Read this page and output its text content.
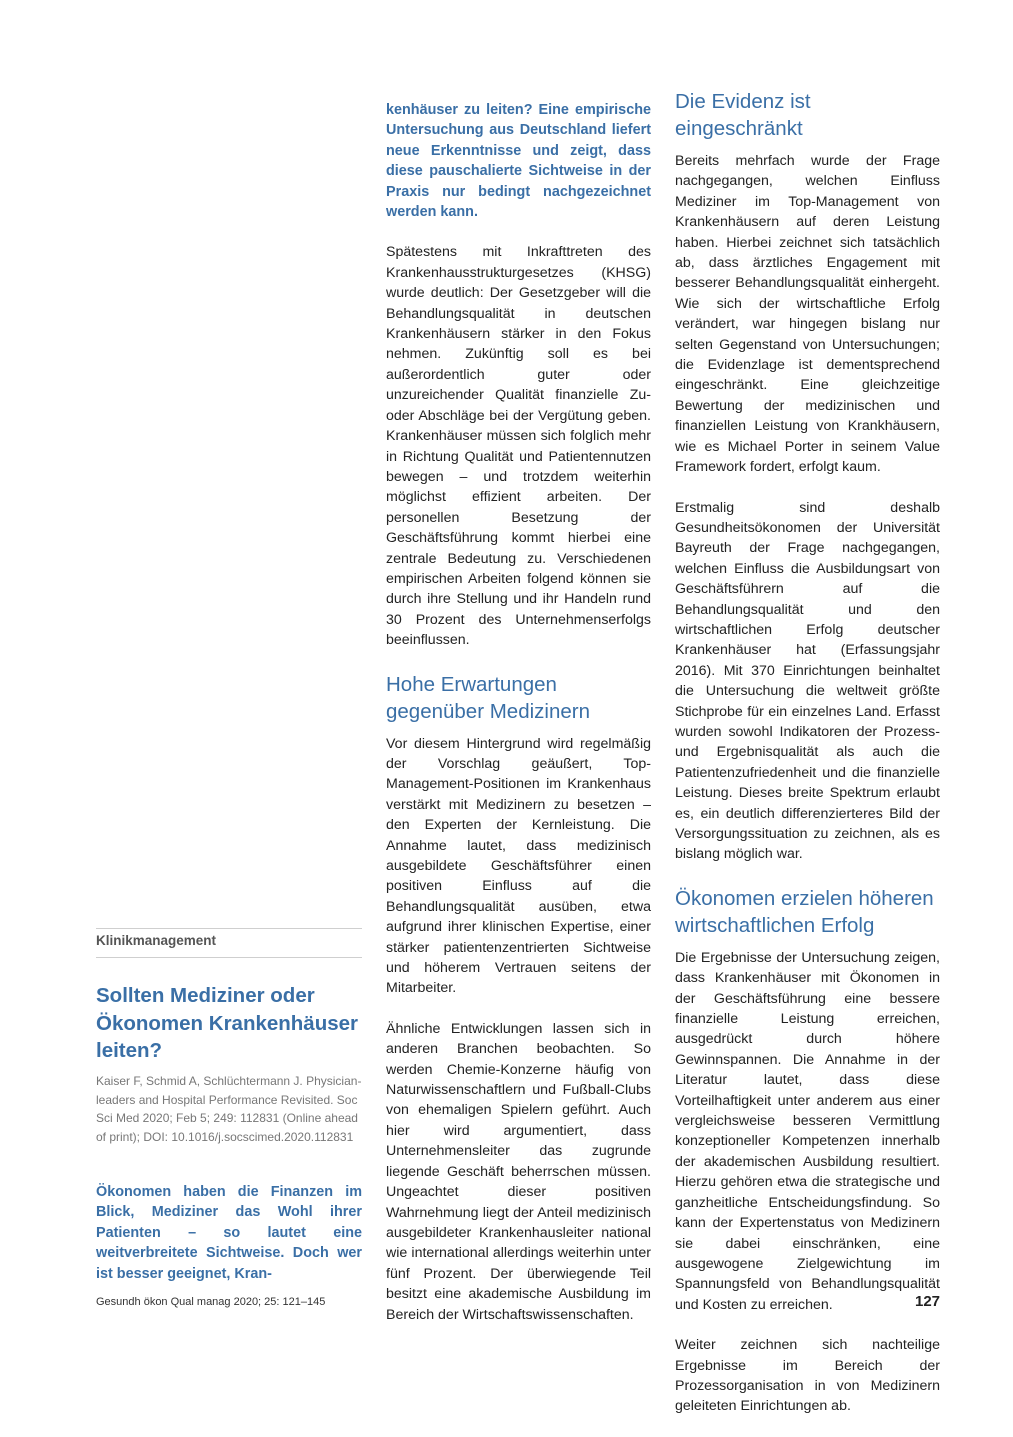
Klinikmanagement
Sollten Mediziner oder Ökonomen Krankenhäuser leiten?

Kaiser F, Schmid A, Schlüchtermann J. Physician-leaders and Hospital Performance Revisited. Soc Sci Med 2020; Feb 5; 249: 112831 (Online ahead of print); DOI: 10.1016/j.socscimed.2020.112831

Ökonomen haben die Finanzen im Blick, Mediziner das Wohl ihrer Patienten – so lautet eine weitverbreitete Sichtweise. Doch wer ist besser geeignet, Kran-

kenhäuser zu leiten? Eine empirische Untersuchung aus Deutschland liefert neue Erkenntnisse und zeigt, dass diese pauschalierte Sichtweise in der Praxis nur bedingt nachgezeichnet werden kann.

Spätestens mit Inkrafttreten des Krankenhausstrukturgesetzes (KHSG) wurde deutlich: Der Gesetzgeber will die Behandlungsqualität in deutschen Krankenhäusern stärker in den Fokus nehmen. Zukünftig soll es bei außerordentlich guter oder unzureichender Qualität finanzielle Zu- oder Abschläge bei der Vergütung geben. Krankenhäuser müssen sich folglich mehr in Richtung Qualität und Patientennutzen bewegen – und trotzdem weiterhin möglichst effizient arbeiten. Der personellen Besetzung der Geschäftsführung kommt hierbei eine zentrale Bedeutung zu. Verschiedenen empirischen Arbeiten folgend können sie durch ihre Stellung und ihr Handeln rund 30 Prozent des Unternehmenserfolgs beeinflussen.

Hohe Erwartungen gegenüber Medizinern

Vor diesem Hintergrund wird regelmäßig der Vorschlag geäußert, Top-Management-Positionen im Krankenhaus verstärkt mit Medizinern zu besetzen – den Experten der Kernleistung. Die Annahme lautet, dass medizinisch ausgebildete Geschäftsführer einen positiven Einfluss auf die Behandlungsqualität ausüben, etwa aufgrund ihrer klinischen Expertise, einer stärker patientenzentrierten Sichtweise und höherem Vertrauen seitens der Mitarbeiter.

Ähnliche Entwicklungen lassen sich in anderen Branchen beobachten. So werden Chemie-Konzerne häufig von Naturwissenschaftlern und Fußball-Clubs von ehemaligen Spielern geführt. Auch hier wird argumentiert, dass Unternehmensleiter das zugrunde liegende Geschäft beherrschen müssen. Ungeachtet dieser positiven Wahrnehmung liegt der Anteil medizinisch ausgebildeter Krankenhausleiter national wie international allerdings weiterhin unter fünf Prozent. Der überwiegende Teil besitzt eine akademische Ausbildung im Bereich der Wirtschaftswissenschaften.

Die Evidenz ist eingeschränkt

Bereits mehrfach wurde der Frage nachgegangen, welchen Einfluss Mediziner im Top-Management von Krankenhäusern auf deren Leistung haben. Hierbei zeichnet sich tatsächlich ab, dass ärztliches Engagement mit besserer Behandlungsqualität einhergeht. Wie sich der wirtschaftliche Erfolg verändert, war hingegen bislang nur selten Gegenstand von Untersuchungen; die Evidenzlage ist dementsprechend eingeschränkt. Eine gleichzeitige Bewertung der medizinischen und finanziellen Leistung von Krankhäusern, wie es Michael Porter in seinem Value Framework fordert, erfolgt kaum.

Erstmalig sind deshalb Gesundheitsökonomen der Universität Bayreuth der Frage nachgegangen, welchen Einfluss die Ausbildungsart von Geschäftsführern auf die Behandlungsqualität und den wirtschaftlichen Erfolg deutscher Krankenhäuser hat (Erfassungsjahr 2016). Mit 370 Einrichtungen beinhaltet die Untersuchung die weltweit größte Stichprobe für ein einzelnes Land. Erfasst wurden sowohl Indikatoren der Prozess- und Ergebnisqualität als auch die Patientenzufriedenheit und die finanzielle Leistung. Dieses breite Spektrum erlaubt es, ein deutlich differenzierteres Bild der Versorgungssituation zu zeichnen, als es bislang möglich war.

Ökonomen erzielen höheren wirtschaftlichen Erfolg

Die Ergebnisse der Untersuchung zeigen, dass Krankenhäuser mit Ökonomen in der Geschäftsführung eine bessere finanzielle Leistung erreichen, ausgedrückt durch höhere Gewinnspannen. Die Annahme in der Literatur lautet, dass diese Vorteilhaftigkeit unter anderem aus einer vergleichsweise besseren Vermittlung konzeptioneller Kompetenzen innerhalb der akademischen Ausbildung resultiert. Hierzu gehören etwa die strategische und ganzheitliche Entscheidungsfindung. So kann der Expertenstatus von Medizinern sie dabei einschränken, eine ausgewogene Zielgewichtung im Spannungsfeld von Behandlungsqualität und Kosten zu erreichen.

Weiter zeichnen sich nachteilige Ergebnisse im Bereich der Prozessorganisation in von Medizinern geleiteten Einrichtungen ab.

Gesundh ökon Qual manag 2020; 25: 121–145	127
